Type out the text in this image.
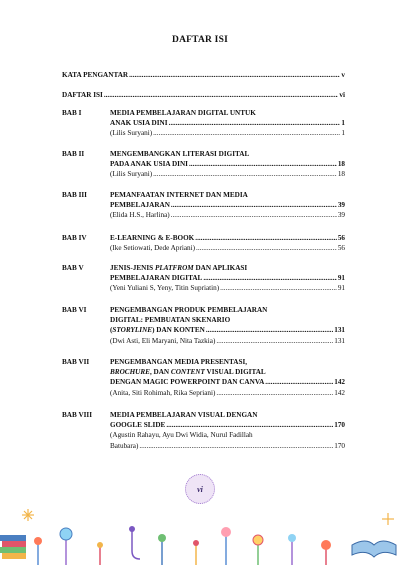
DAFTAR ISI
KATA PENGANTAR .....	v
DAFTAR ISI .....	vi
BAB I	MEDIA PEMBELAJARAN DIGITAL UNTUK
ANAK USIA DINI .....	1
(Lilis Suryani) .....	1
BAB II	MENGEMBANGKAN LITERASI DIGITAL
PADA ANAK USIA DINI .....	18
(Lilis Suryani) .....	18
BAB III	PEMANFAATAN INTERNET DAN MEDIA
PEMBELAJARAN .....	39
(Elida H.S., Harlina) .....	39
BAB IV	E-LEARNING & E-BOOK .....	56
(Ike Setiowati, Dede Apriani) .....	56
BAB V	JENIS-JENIS PLATFROM DAN APLIKASI
PEMBELAJARAN DIGITAL .....	91
(Yeni Yuliani S, Yeny, Titin Supriatin) .....	91
BAB VI	PENGEMBANGAN PRODUK PEMBELAJARAN
DIGITAL: PEMBUATAN SKENARIO
(STORYLINE) DAN KONTEN .....	131
(Dwi Asti, Eli Maryani, Nita Tazkia) .....	131
BAB VII	PENGEMBANGAN MEDIA PRESENTASI,
BROCHURE, DAN CONTENT VISUAL DIGITAL
DENGAN MAGIC POWERPOINT DAN CANVA .....	142
(Anita, Siti Rohimah, Rika Sepriani) .....	142
BAB VIII MEDIA PEMBELAJARAN VISUAL DENGAN
GOOGLE SLIDE .....	170
(Agustin Rahayu, Ayu Dwi Widia, Nurul Fadillah
Batubara) .....	170
vi
